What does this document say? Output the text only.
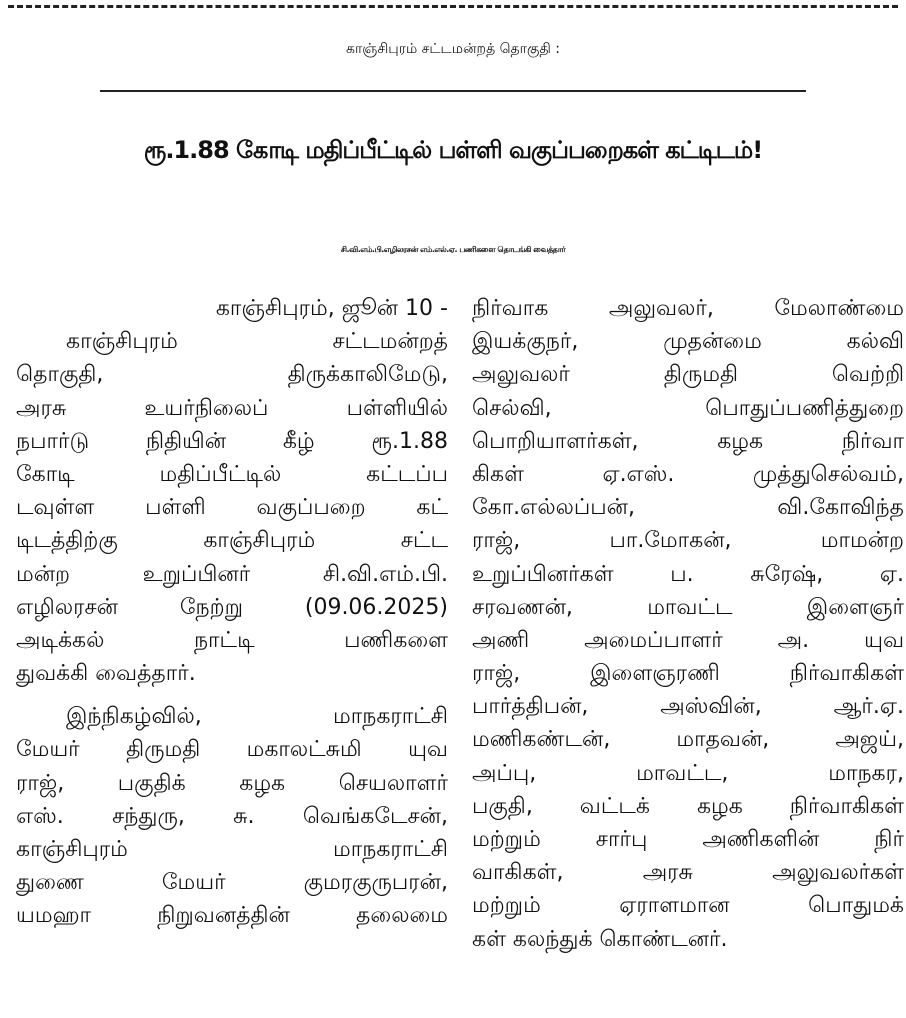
காஞ்சிபுரம் சட்டமன்றத் தொகுதி :
ரூ.1.88 கோடி மதிப்பீட்டில் பள்ளி வகுப்பறைகள் கட்டிடம்!
சி.வி.எம்.பி.எழிலரசன் எம்.எல்.ஏ. பணிகளை தொடங்கி வைத்தார்
காஞ்சிபுரம், ஜூன் 10 -
காஞ்சிபுரம் சட்டமன்றத்
தொகுதி, திருக்காலிமேடு,
அரசு உயர்நிலைப் பள்ளியில்
நபார்டு நிதியின் கீழ் ரூ.1.88
கோடி மதிப்பீட்டில் கட்டப்ப
டவுள்ள பள்ளி வகுப்பறை கட்
டிடத்திற்கு காஞ்சிபுரம் சட்ட
மன்ற உறுப்பினர் சி.வி.எம்.பி.
எழிலரசன் நேற்று (09.06.2025)
அடிக்கல் நாட்டி பணிகளை
துவக்கி வைத்தார்.
இந்நிகழ்வில், மாநகராட்சி
மேயர் திருமதி மகாலட்சுமி யுவ
ராஜ், பகுதிக் கழக செயலாளர்
எஸ். சந்துரு, சு. வெங்கடேசன்,
காஞ்சிபுரம் மாநகராட்சி
துணை மேயர் குமரகுருபரன்,
யமஹா நிறுவனத்தின் தலைமை
நிர்வாக அலுவலர், மேலாண்மை
இயக்குநர், முதன்மை கல்வி
அலுவலர் திருமதி வெற்றி
செல்வி, பொதுப்பணித்துறை
பொறியாளர்கள், கழக நிர்வா
கிகள் ஏ.எஸ். முத்துசெல்வம்,
கோ.எல்லப்பன், வி.கோவிந்த
ராஜ், பா.மோகன், மாமன்ற
உறுப்பினர்கள் ப. சுரேஷ், ஏ.
சரவணன், மாவட்ட இளைஞர்
அணி அமைப்பாளர் அ. யுவ
ராஜ், இளைஞரணி நிர்வாகிகள்
பார்த்திபன், அஸ்வின், ஆர்.ஏ.
மணிகண்டன், மாதவன், அஜய்,
அப்பு, மாவட்ட, மாநகர,
பகுதி, வட்டக் கழக நிர்வாகிகள்
மற்றும் சார்பு அணிகளின் நிர்
வாகிகள், அரசு அலுவலர்கள்
மற்றும் ஏராளமான பொதுமக்
கள் கலந்துக் கொண்டனர்.
